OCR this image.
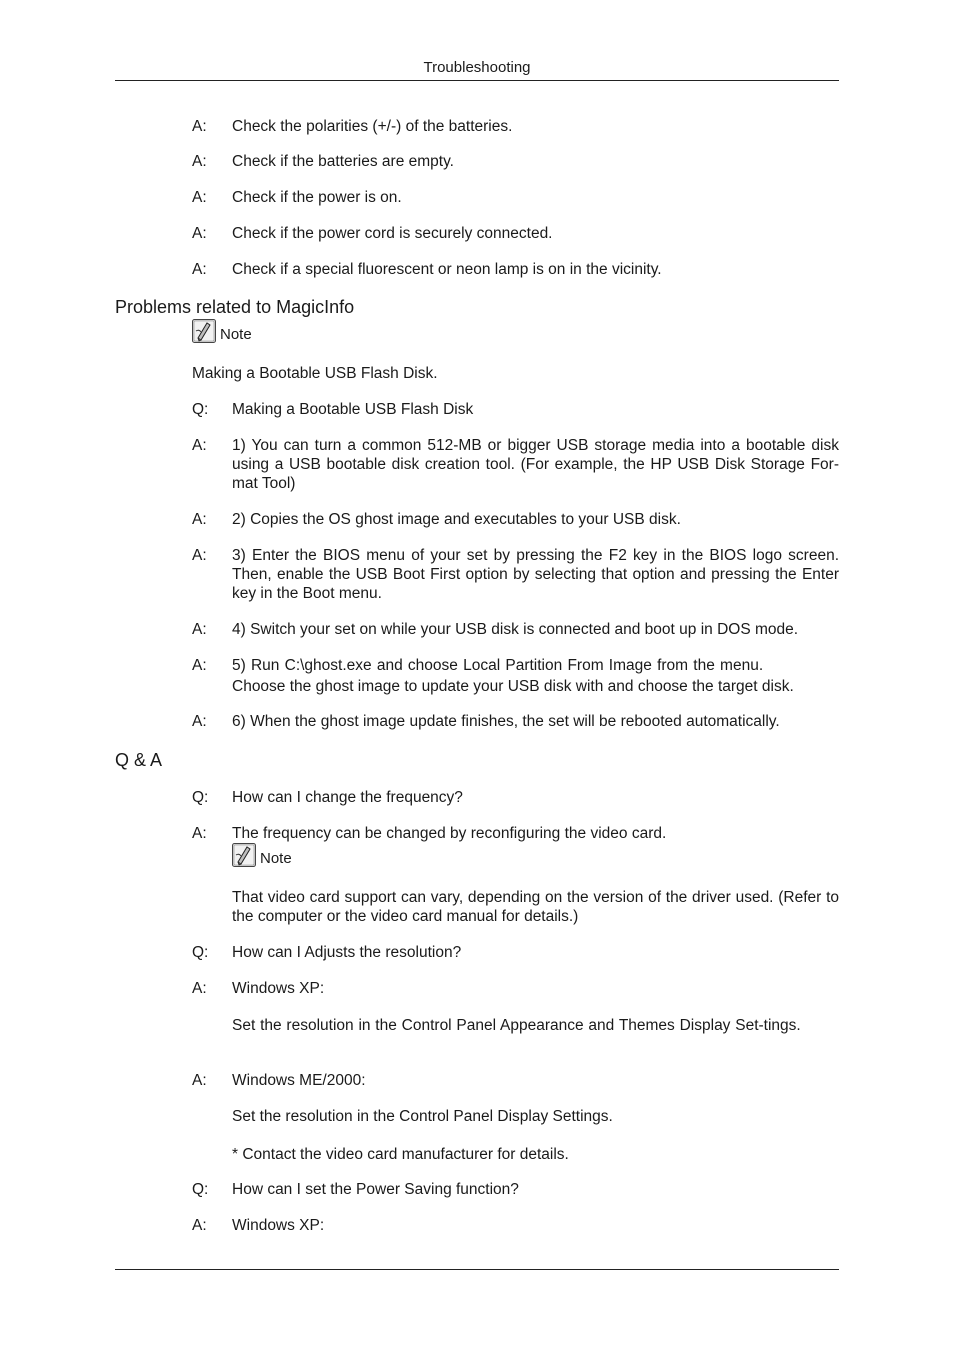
Troubleshooting
A:	Check the polarities (+/-) of the batteries.
A:	Check if the batteries are empty.
A:	Check if the power is on.
A:	Check if the power cord is securely connected.
A:	Check if a special fluorescent or neon lamp is on in the vicinity.
Problems related to MagicInfo
Note
Making a Bootable USB Flash Disk.
Q:	Making a Bootable USB Flash Disk
A:	1) You can turn a common 512-MB or bigger USB storage media into a bootable disk using a USB bootable disk creation tool. (For example, the HP USB Disk Storage For-mat Tool)
A:	2) Copies the OS ghost image and executables to your USB disk.
A:	3) Enter the BIOS menu of your set by pressing the F2 key in the BIOS logo screen. Then, enable the USB Boot First option by selecting that option and pressing the Enter key in the Boot menu.
A:	4) Switch your set on while your USB disk is connected and boot up in DOS mode.
A:	5) Run C:\ghost.exe and choose Local Partition From Image from the menu.
Choose the ghost image to update your USB disk with and choose the target disk.
A:	6) When the ghost image update finishes, the set will be rebooted automatically.
Q & A
Q:	How can I change the frequency?
A:	The frequency can be changed by reconfiguring the video card.
Note
That video card support can vary, depending on the version of the driver used. (Refer to the computer or the video card manual for details.)
Q:	How can I Adjusts the resolution?
A:	Windows XP:
Set the resolution in the Control Panel Appearance and Themes Display Set-tings.
A:	Windows ME/2000:
Set the resolution in the Control Panel Display Settings.
* Contact the video card manufacturer for details.
Q:	How can I set the Power Saving function?
A:	Windows XP:
